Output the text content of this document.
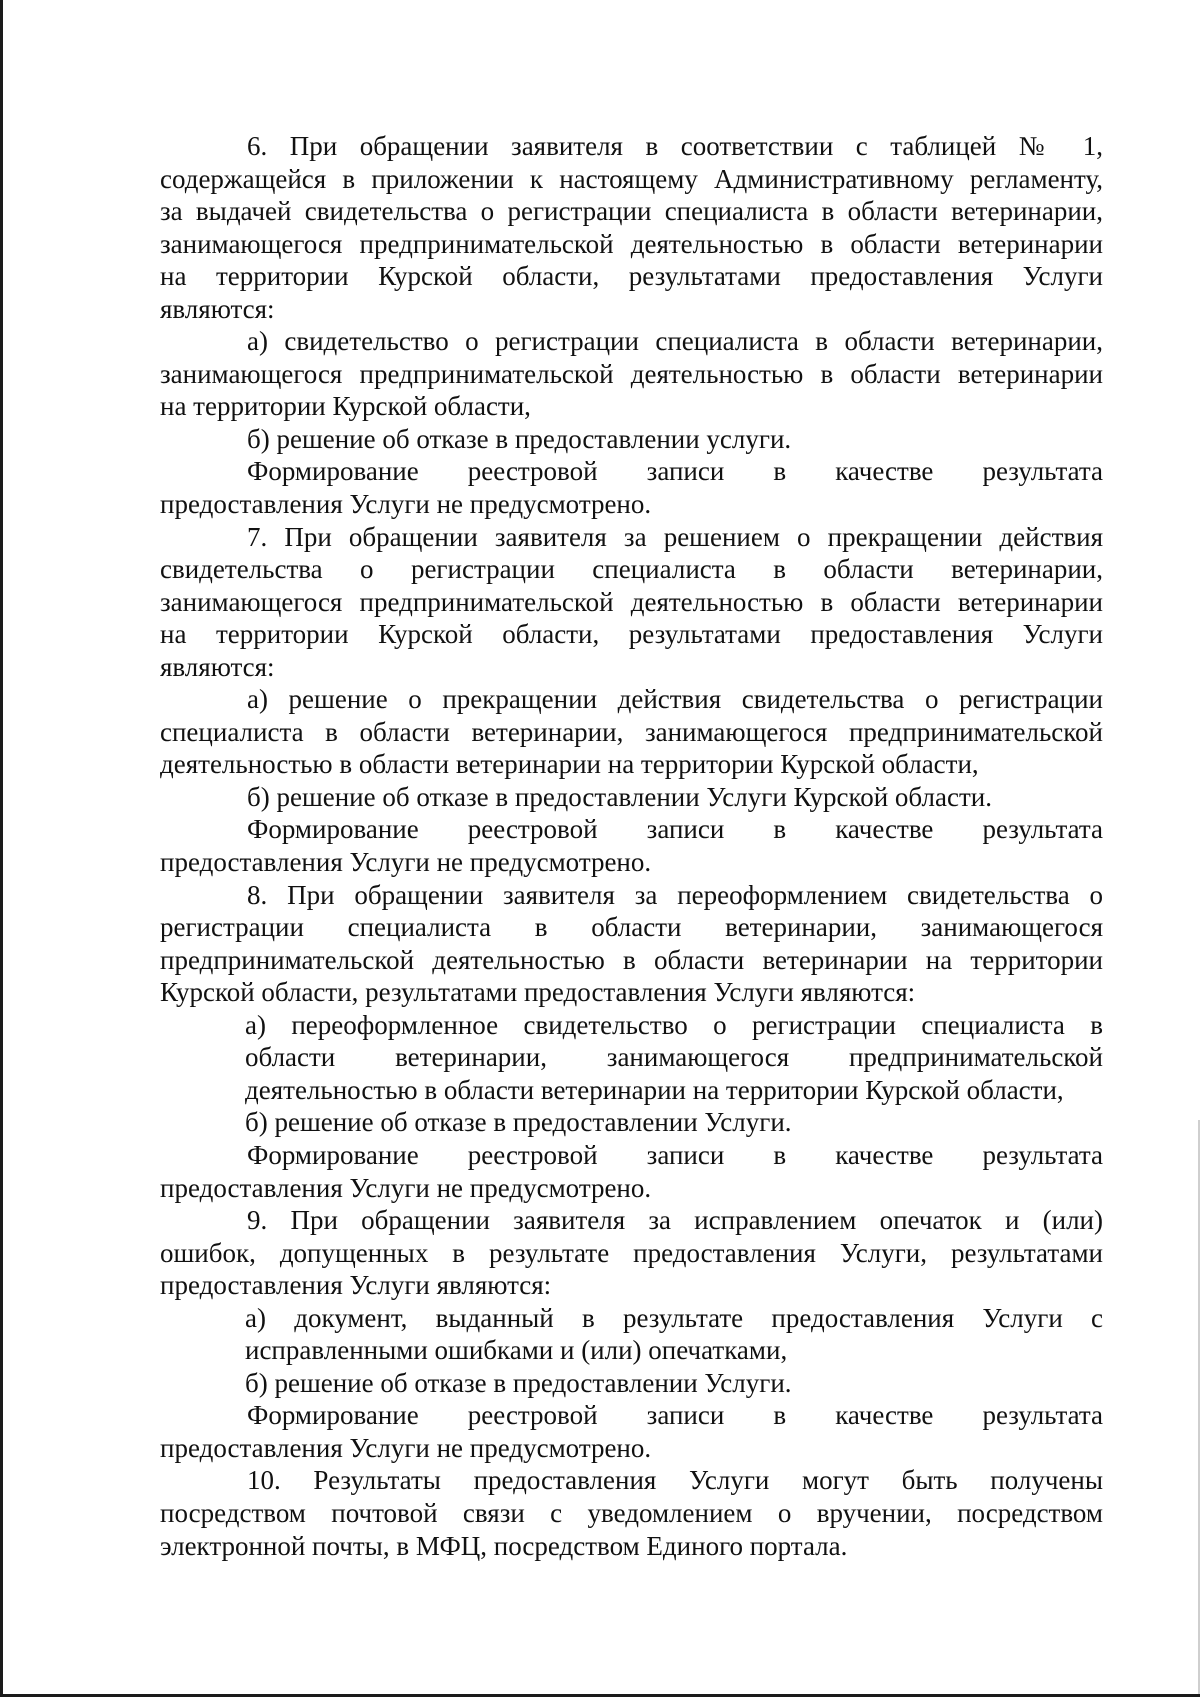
6. При обращении заявителя в соответствии с таблицей № 1,
содержащейся в приложении к настоящему Административному регламенту,
за выдачей свидетельства о регистрации специалиста в области ветеринарии,
занимающегося предпринимательской деятельностью в области ветеринарии
на территории Курской области, результатами предоставления Услуги
являются:
а) свидетельство о регистрации специалиста в области ветеринарии,
занимающегося предпринимательской деятельностью в области ветеринарии
на территории Курской области,
б) решение об отказе в предоставлении услуги.
Формирование реестровой записи в качестве результата
предоставления Услуги не предусмотрено.
7. При обращении заявителя за решением о прекращении действия
свидетельства о регистрации специалиста в области ветеринарии,
занимающегося предпринимательской деятельностью в области ветеринарии
на территории Курской области, результатами предоставления Услуги
являются:
а) решение о прекращении действия свидетельства о регистрации
специалиста в области ветеринарии, занимающегося предпринимательской
деятельностью в области ветеринарии на территории Курской области,
б) решение об отказе в предоставлении Услуги Курской области.
Формирование реестровой записи в качестве результата
предоставления Услуги не предусмотрено.
8. При обращении заявителя за переоформлением свидетельства о
регистрации специалиста в области ветеринарии, занимающегося
предпринимательской деятельностью в области ветеринарии на территории
Курской области, результатами предоставления Услуги являются:
а) переоформленное свидетельство о регистрации специалиста в
области ветеринарии, занимающегося предпринимательской
деятельностью в области ветеринарии на территории Курской области,
б) решение об отказе в предоставлении Услуги.
Формирование реестровой записи в качестве результата
предоставления Услуги не предусмотрено.
9. При обращении заявителя за исправлением опечаток и (или)
ошибок, допущенных в результате предоставления Услуги, результатами
предоставления Услуги являются:
а) документ, выданный в результате предоставления Услуги с
исправленными ошибками и (или) опечатками,
б) решение об отказе в предоставлении Услуги.
Формирование реестровой записи в качестве результата
предоставления Услуги не предусмотрено.
10. Результаты предоставления Услуги могут быть получены
посредством почтовой связи с уведомлением о вручении, посредством
электронной почты, в МФЦ, посредством Единого портала.
